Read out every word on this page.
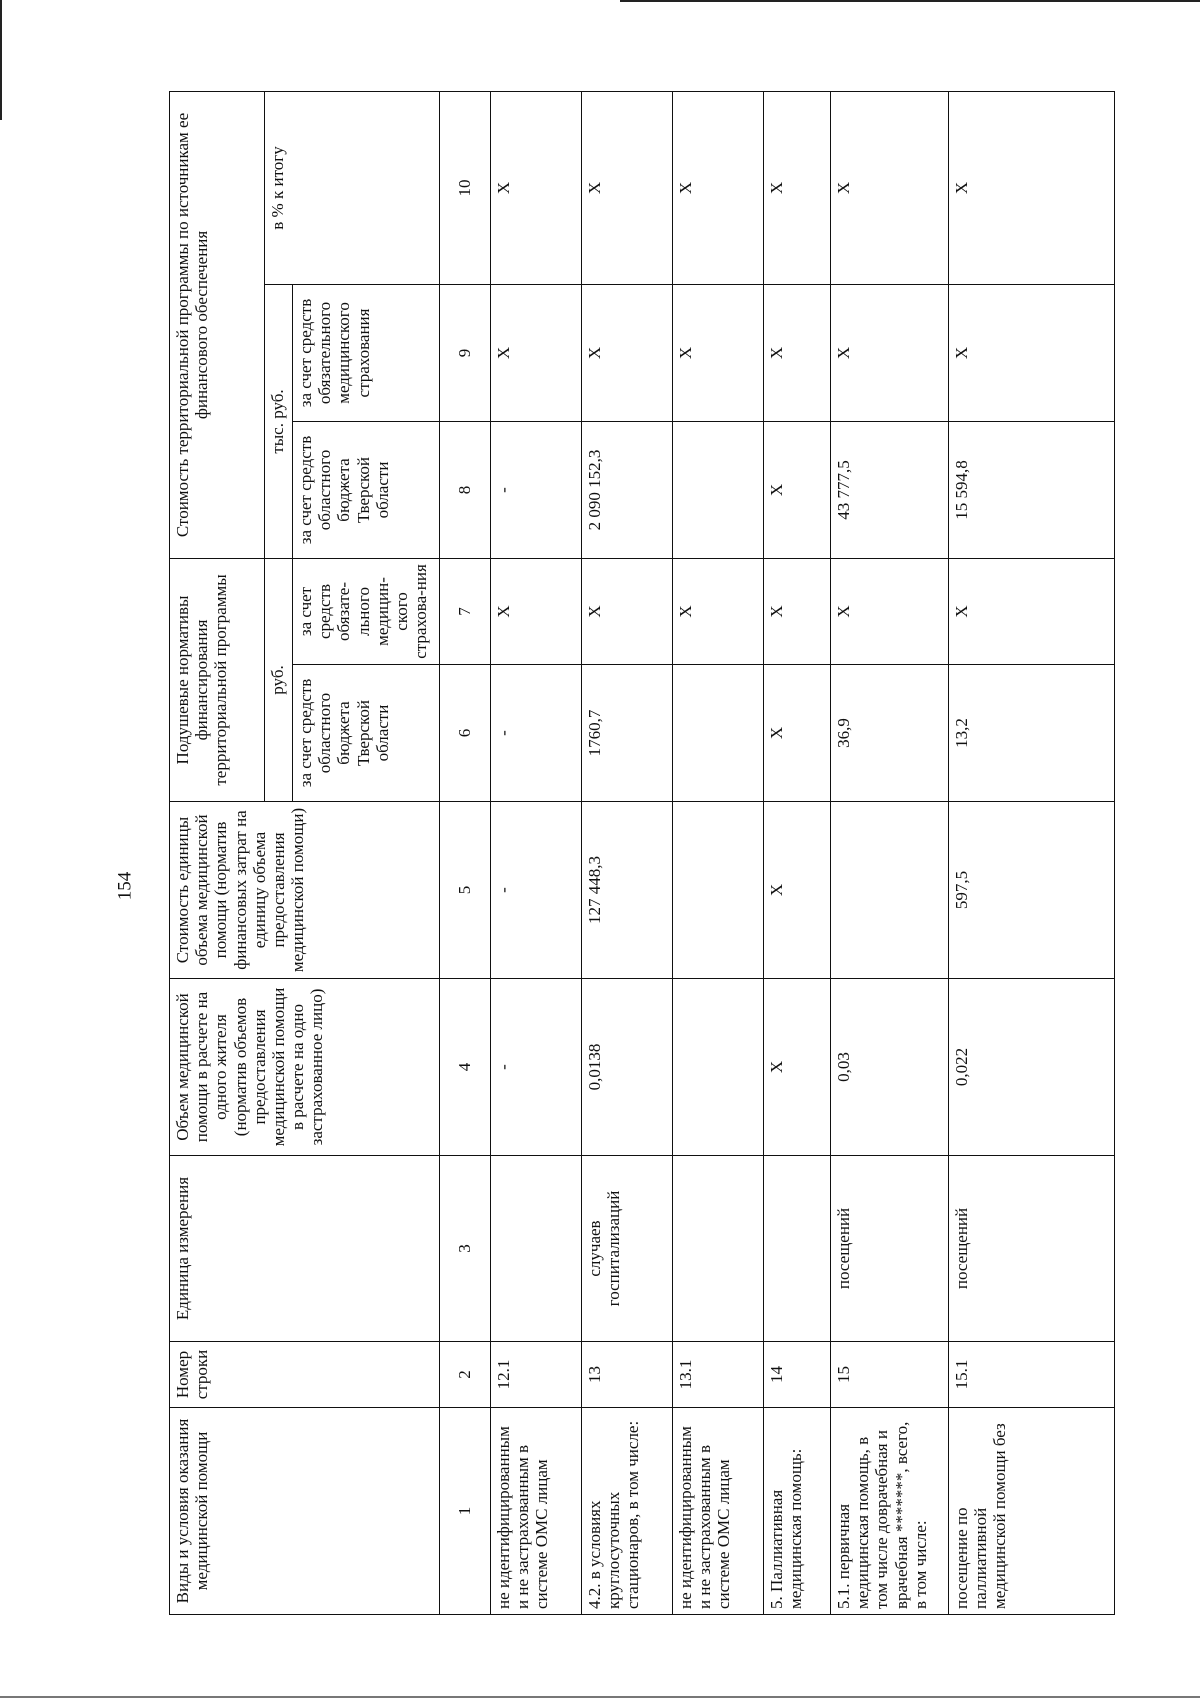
154
Виды и условия оказания медицинской помощи	Номер строки	Единица измерения	Объем медицинской помощи в расчете на одного жителя (норматив объемов предоставления медицинской помощи в расчете на одно застрахованное лицо)	Стоимость единицы объема медицинской помощи (норматив финансовых затрат на единицу объема предоставления медицинской помощи)	Подушевые нормативы финансирования территориальной программы		Стоимость территориальной программы по источникам ее финансового обеспечения		
					руб.		тыс. руб.		в % к итогу
					за счет средств областного бюджета Тверской области	за счет средств обязате-льного медицин-ского страхова-ния	за счет средств областного бюджета Тверской области	за счет средств обязательного медицинского страхования	
1	2	3	4	5	6	7	8	9	10
не идентифицированным и не застрахованным в системе ОМС лицам	12.1		-	-	-	Х	-	Х	Х
4.2. в условиях круглосуточных стационаров, в том числе:	13	случаев госпитализаций	0,0138	127 448,3	1760,7	Х	2 090 152,3	Х	Х
не идентифицированным и не застрахованным в системе ОМС лицам	13.1					Х		Х	Х
5. Паллиативная медицинская помощь:	14		Х	Х	Х	Х	Х	Х	Х
5.1. первичная медицинская помощь, в том числе доврачебная и врачебная *******, всего, в том числе:	15	посещений	0,03		36,9	Х	43 777,5	Х	Х
посещение по паллиативной медицинской помощи без	15.1	посещений	0,022	597,5	13,2	Х	15 594,8	Х	Х
